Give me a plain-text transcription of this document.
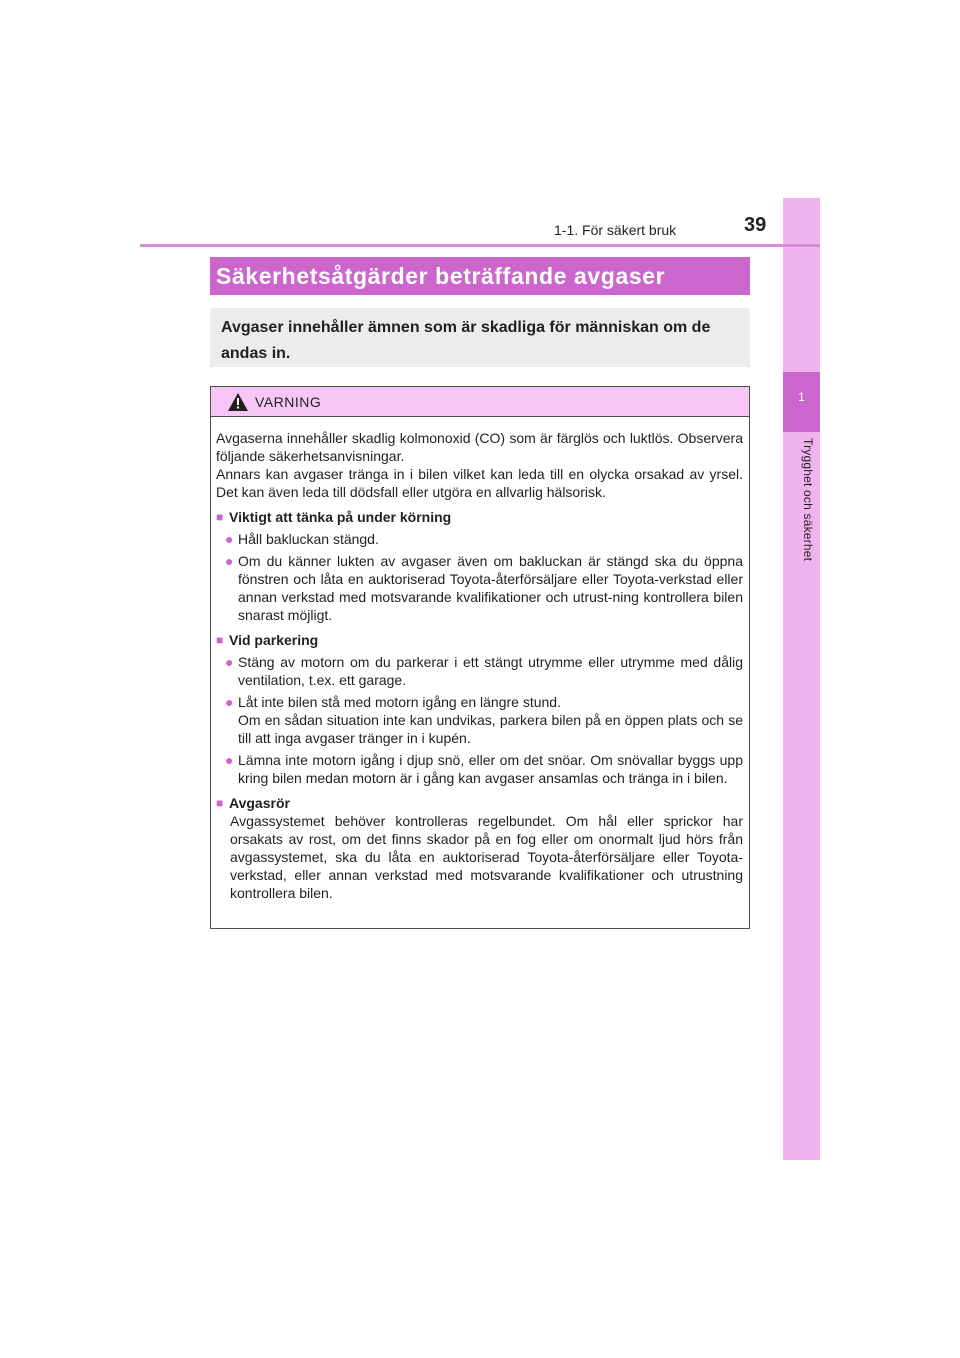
1
Trygghet och säkerhet
1-1. För säkert bruk	39
Säkerhetsåtgärder beträffande avgaser

Avgaser innehåller ämnen som är skadliga för människan om de

andas in.

VARNING

Avgaserna innehåller skadlig kolmonoxid (CO) som är färglös och luktlös. Observera följande säkerhetsanvisningar.

Annars kan avgaser tränga in i bilen vilket kan leda till en olycka orsakad av yrsel. Det kan även leda till dödsfall eller utgöra en allvarlig hälsorisk.

■ Viktigt att tänka på under körning
● Håll bakluckan stängd.
● Om du känner lukten av avgaser även om bakluckan är stängd ska du öppna fönstren och låta en auktoriserad Toyota-återförsäljare eller Toyota-verkstad eller annan verkstad med motsvarande kvalifikationer och utrust-ning kontrollera bilen snarast möjligt.
■ Vid parkering
● Stäng av motorn om du parkerar i ett stängt utrymme eller utrymme med dålig ventilation, t.ex. ett garage.
● Låt inte bilen stå med motorn igång en längre stund.
Om en sådan situation inte kan undvikas, parkera bilen på en öppen plats och se till att inga avgaser tränger in i kupén.
● Lämna inte motorn igång i djup snö, eller om det snöar. Om snövallar byggs upp kring bilen medan motorn är i gång kan avgaser ansamlas och tränga in i bilen.
■ Avgasrör

Avgassystemet behöver kontrolleras regelbundet. Om hål eller sprickor har orsakats av rost, om det finns skador på en fog eller om onormalt ljud hörs från avgassystemet, ska du låta en auktoriserad Toyota-återförsäljare eller Toyota-verkstad, eller annan verkstad med motsvarande kvalifikationer och utrustning kontrollera bilen.
